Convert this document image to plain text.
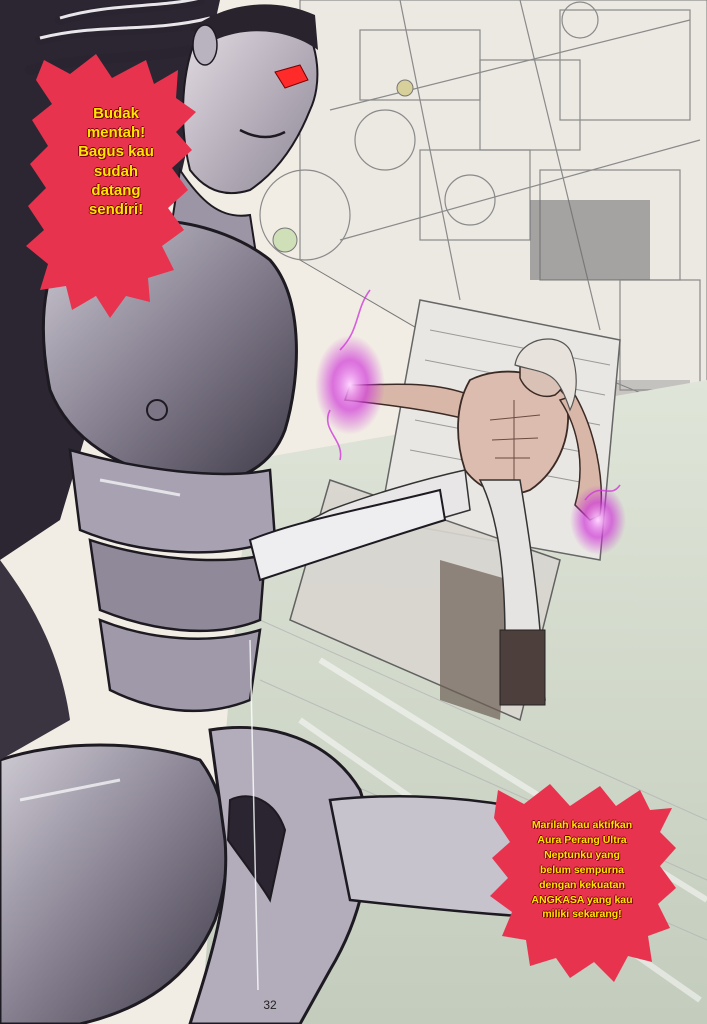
Budak
mentah!
Bagus kau
sudah
datang
sendiri!
Marilah kau aktifkan
Aura Perang Ultra
Neptunku yang
belum sempurna
dengan kekuatan
ANGKASA yang kau
miliki sekarang!
32
